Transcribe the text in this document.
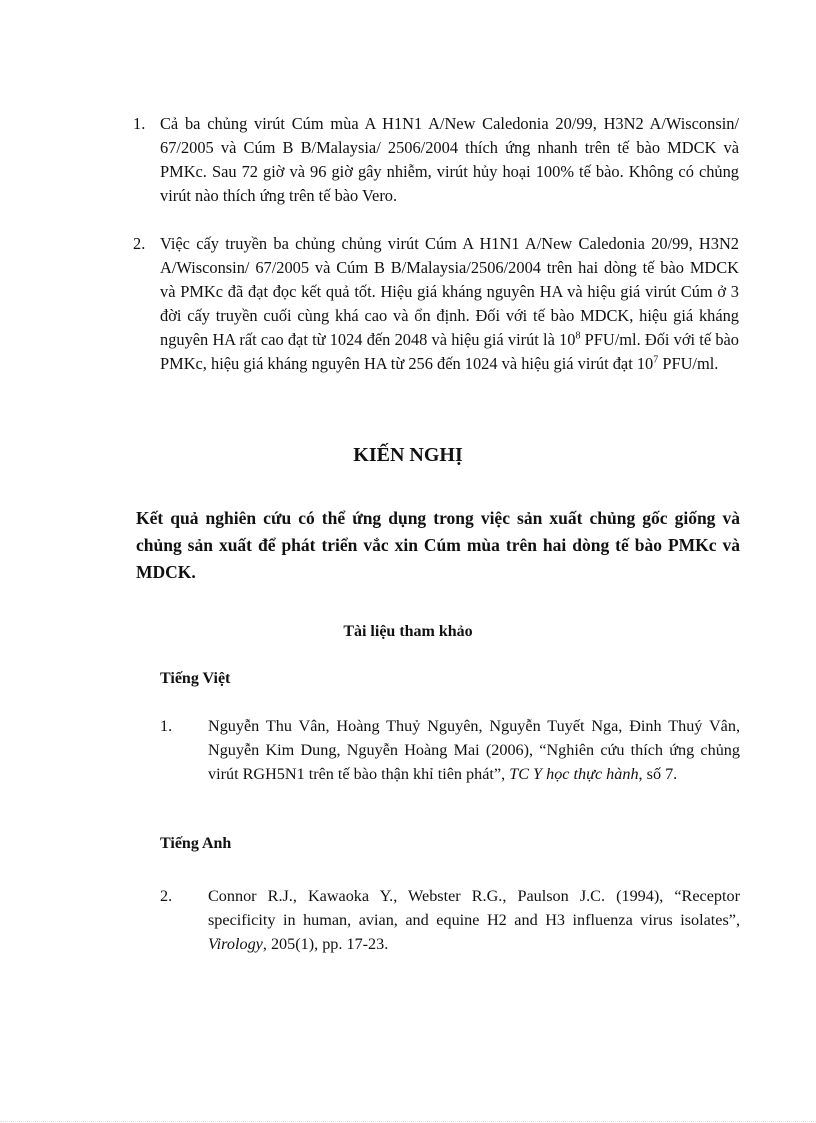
1. Cả ba chủng virút Cúm mùa A H1N1 A/New Caledonia 20/99, H3N2 A/Wisconsin/ 67/2005 và Cúm B B/Malaysia/ 2506/2004 thích ứng nhanh trên tế bào MDCK và PMKc. Sau 72 giờ và 96 giờ gây nhiễm, virút hủy hoại 100% tế bào. Không có chủng virút nào thích ứng trên tế bào Vero.
2. Việc cấy truyền ba chủng chủng virút Cúm A H1N1 A/New Caledonia 20/99, H3N2 A/Wisconsin/ 67/2005 và Cúm B B/Malaysia/2506/2004 trên hai dòng tế bào MDCK và PMKc đã đạt đọc kết quả tốt. Hiệu giá kháng nguyên HA và hiệu giá virút Cúm ở 3 đời cấy truyền cuối cùng khá cao và ổn định. Đối với tế bào MDCK, hiệu giá kháng nguyên HA rất cao đạt từ 1024 đến 2048 và hiệu giá virút là $10^8$ PFU/ml. Đối với tế bào PMKc, hiệu giá kháng nguyên HA từ 256 đến 1024 và hiệu giá virút đạt $10^7$ PFU/ml.
KIẾN NGHỊ
Kết quả nghiên cứu có thể ứng dụng trong việc sản xuất chủng gốc giống và chủng sản xuất để phát triển vắc xin Cúm mùa trên hai dòng tế bào PMKc và MDCK.
Tài liệu tham khảo
Tiếng Việt
1.	Nguyễn Thu Vân, Hoàng Thuỷ Nguyên, Nguyễn Tuyết Nga, Đinh Thuý Vân, Nguyễn Kim Dung, Nguyễn Hoàng Mai (2006), “Nghiên cứu thích ứng chủng virút RGH5N1 trên tế bào thận khỉ tiên phát”, TC Y học thực hành, số 7.
Tiếng Anh
2.	Connor R.J., Kawaoka Y., Webster R.G., Paulson J.C. (1994), “Receptor specificity in human, avian, and equine H2 and H3 influenza virus isolates”, Virology, 205(1), pp. 17-23.
